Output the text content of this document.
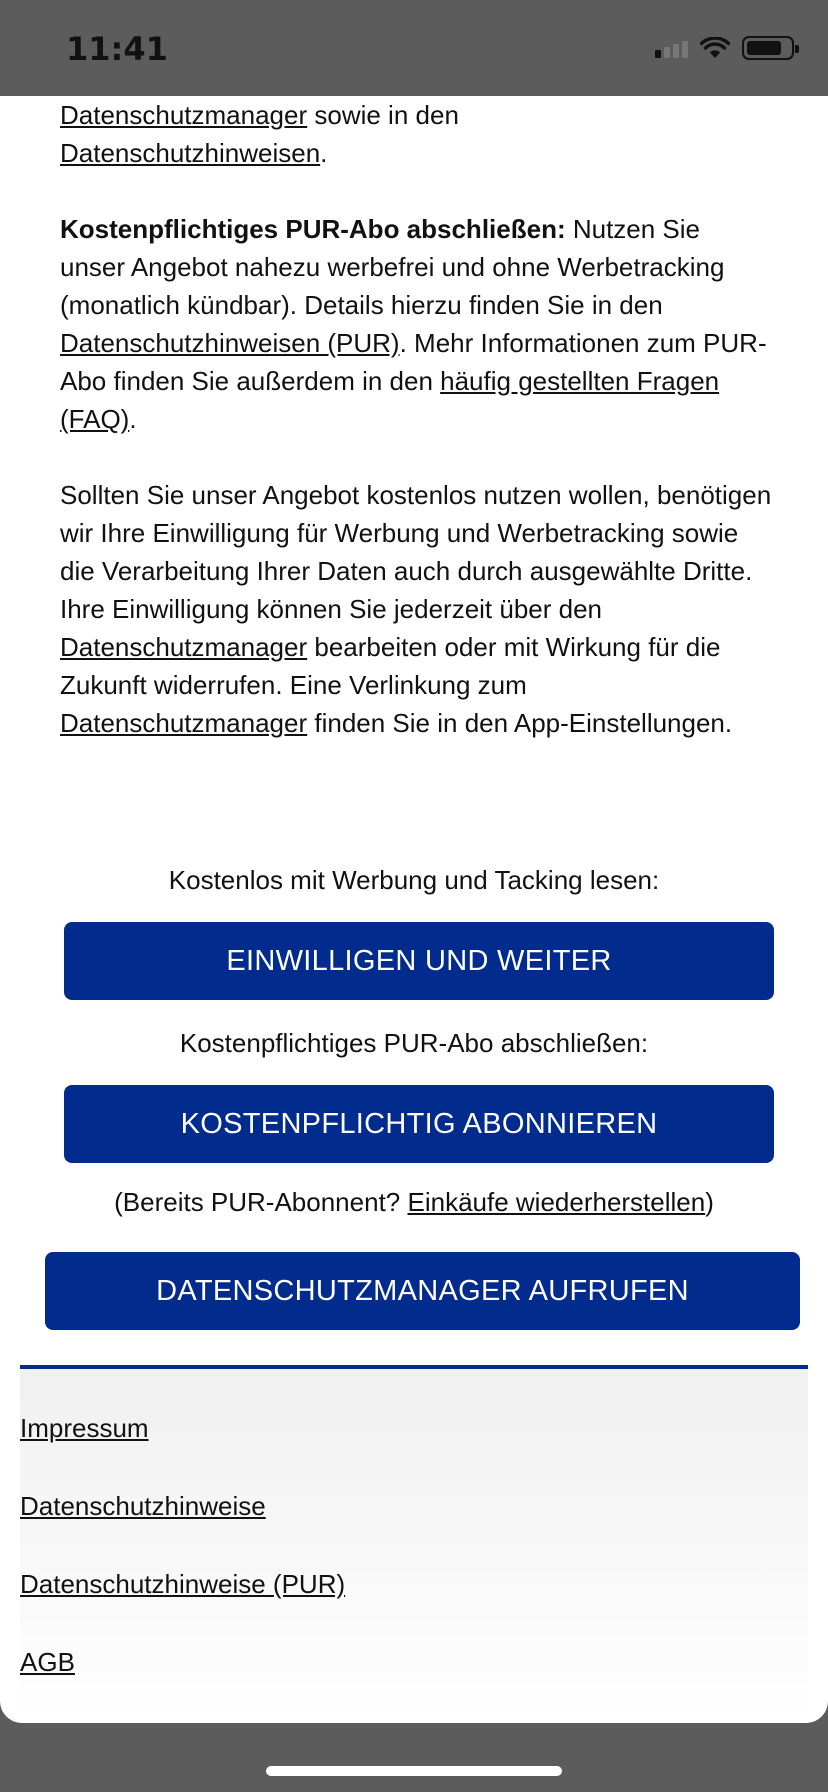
11:41

Datenschutzmanager sowie in den
Datenschutzhinweisen.

Kostenpflichtiges PUR-Abo abschließen: Nutzen Sie unser Angebot nahezu werbefrei und ohne Werbetracking (monatlich kündbar). Details hierzu finden Sie in den Datenschutzhinweisen (PUR). Mehr Informationen zum PUR-Abo finden Sie außerdem in den häufig gestellten Fragen (FAQ).

Sollten Sie unser Angebot kostenlos nutzen wollen, benötigen wir Ihre Einwilligung für Werbung und Werbetracking sowie die Verarbeitung Ihrer Daten auch durch ausgewählte Dritte. Ihre Einwilligung können Sie jederzeit über den Datenschutzmanager bearbeiten oder mit Wirkung für die Zukunft widerrufen. Eine Verlinkung zum Datenschutzmanager finden Sie in den App-Einstellungen.

Kostenlos mit Werbung und Tacking lesen:
EINWILLIGEN UND WEITER
Kostenpflichtiges PUR-Abo abschließen:
KOSTENPFLICHTIG ABONNIEREN
(Bereits PUR-Abonnent? Einkäufe wiederherstellen)
DATENSCHUTZMANAGER AUFRUFEN
Impressum
Datenschutzhinweise
Datenschutzhinweise (PUR)
AGB
